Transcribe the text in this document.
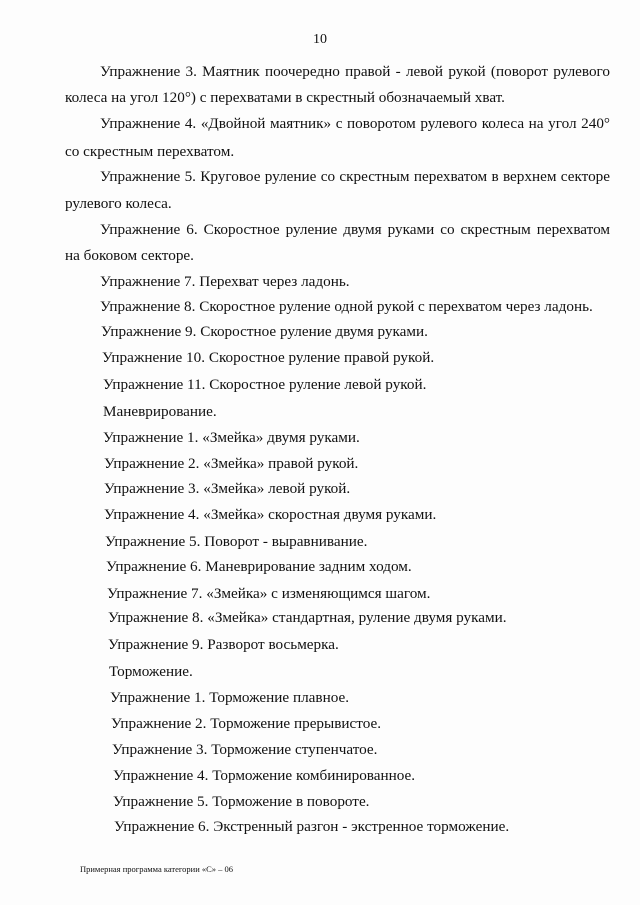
10
Упражнение 3. Маятник поочередно правой - левой рукой (поворот рулевого
колеса на угол 120°) с перехватами в скрестный обозначаемый хват.
Упражнение 4. «Двойной маятник» с поворотом рулевого колеса на угол 240°
со скрестным перехватом.
Упражнение 5. Круговое руление со скрестным перехватом в верхнем секторе
рулевого колеса.
Упражнение 6. Скоростное руление двумя руками со скрестным перехватом
на боковом секторе.
Упражнение 7. Перехват через ладонь.
Упражнение 8. Скоростное руление одной рукой с перехватом через ладонь.
Упражнение 9. Скоростное руление двумя руками.
Упражнение 10. Скоростное руление правой рукой.
Упражнение 11. Скоростное руление левой рукой.
Маневрирование.
Упражнение 1. «Змейка» двумя руками.
Упражнение 2. «Змейка» правой рукой.
Упражнение 3. «Змейка» левой рукой.
Упражнение 4. «Змейка» скоростная двумя руками.
Упражнение 5. Поворот - выравнивание.
Упражнение 6. Маневрирование задним ходом.
Упражнение 7. «Змейка» с изменяющимся шагом.
Упражнение 8. «Змейка» стандартная, руление двумя руками.
Упражнение 9. Разворот восьмерка.
Торможение.
Упражнение 1. Торможение плавное.
Упражнение 2. Торможение прерывистое.
Упражнение 3. Торможение ступенчатое.
Упражнение 4. Торможение комбинированное.
Упражнение 5. Торможение в повороте.
Упражнение 6. Экстренный разгон - экстренное торможение.
Примерная программа категории «С» – 06
